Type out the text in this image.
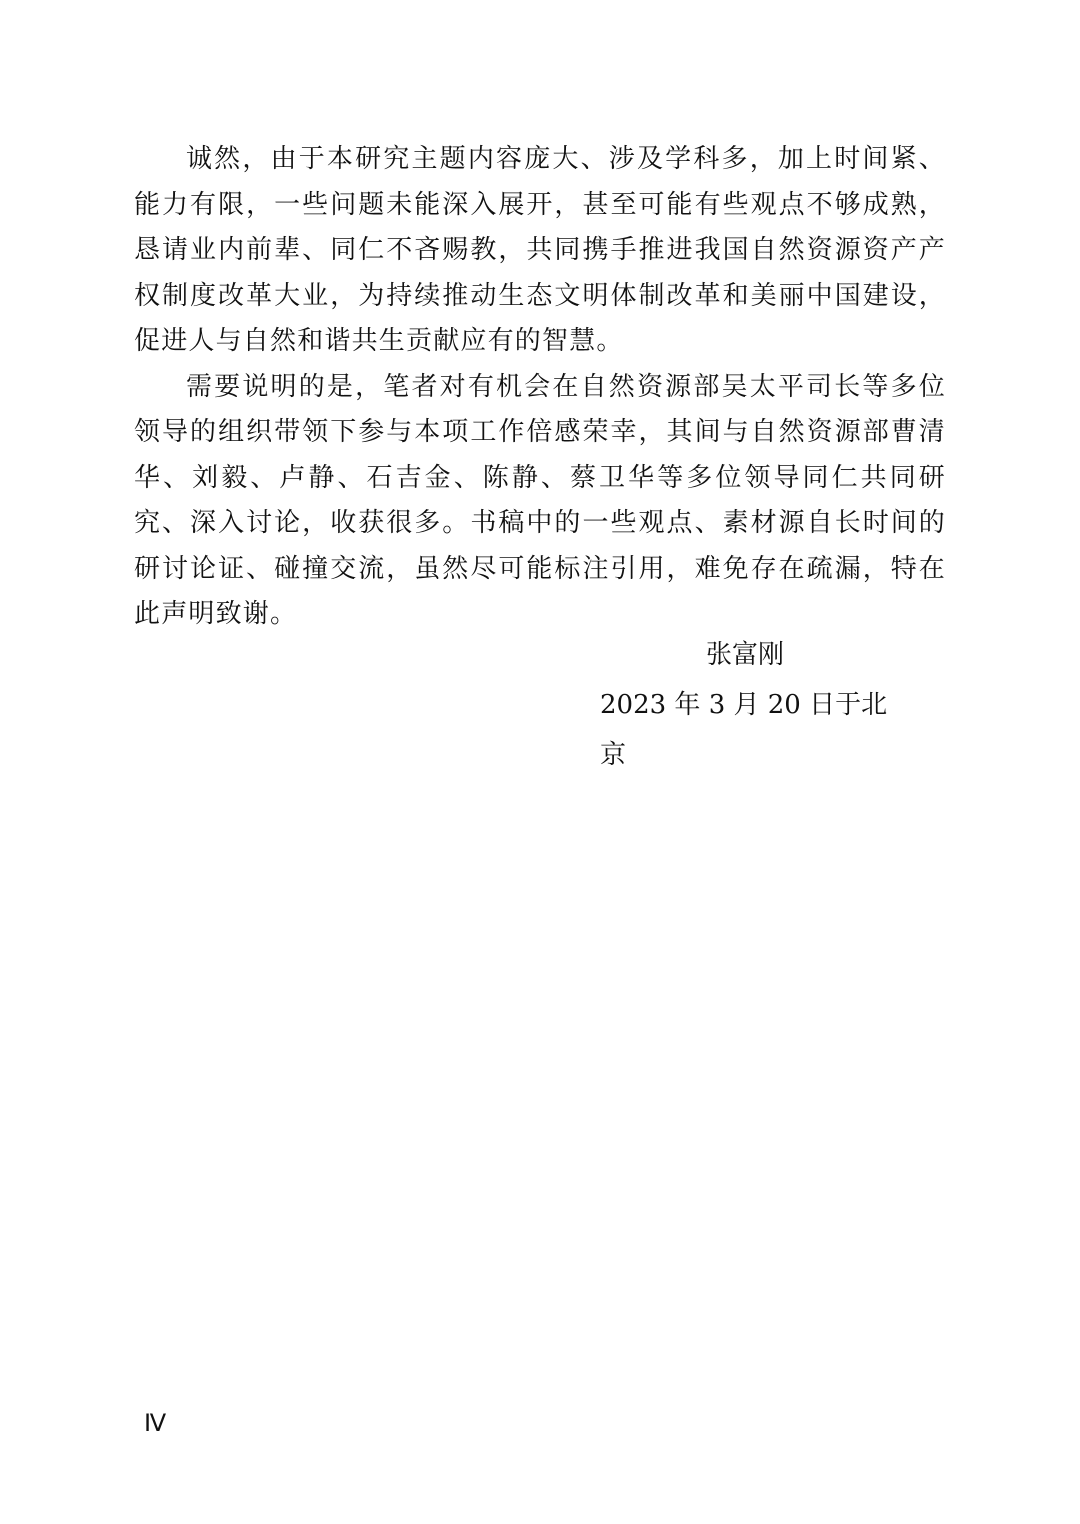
诚然，由于本研究主题内容庞大、涉及学科多，加上时间紧、能力有限，一些问题未能深入展开，甚至可能有些观点不够成熟，恳请业内前辈、同仁不吝赐教，共同携手推进我国自然资源资产产权制度改革大业，为持续推动生态文明体制改革和美丽中国建设，促进人与自然和谐共生贡献应有的智慧。

需要说明的是，笔者对有机会在自然资源部吴太平司长等多位领导的组织带领下参与本项工作倍感荣幸，其间与自然资源部曹清华、刘毅、卢静、石吉金、陈静、蔡卫华等多位领导同仁共同研究、深入讨论，收获很多。书稿中的一些观点、素材源自长时间的研讨论证、碰撞交流，虽然尽可能标注引用，难免存在疏漏，特在此声明致谢。

张富刚
2023 年 3 月 20 日于北京
Ⅳ
